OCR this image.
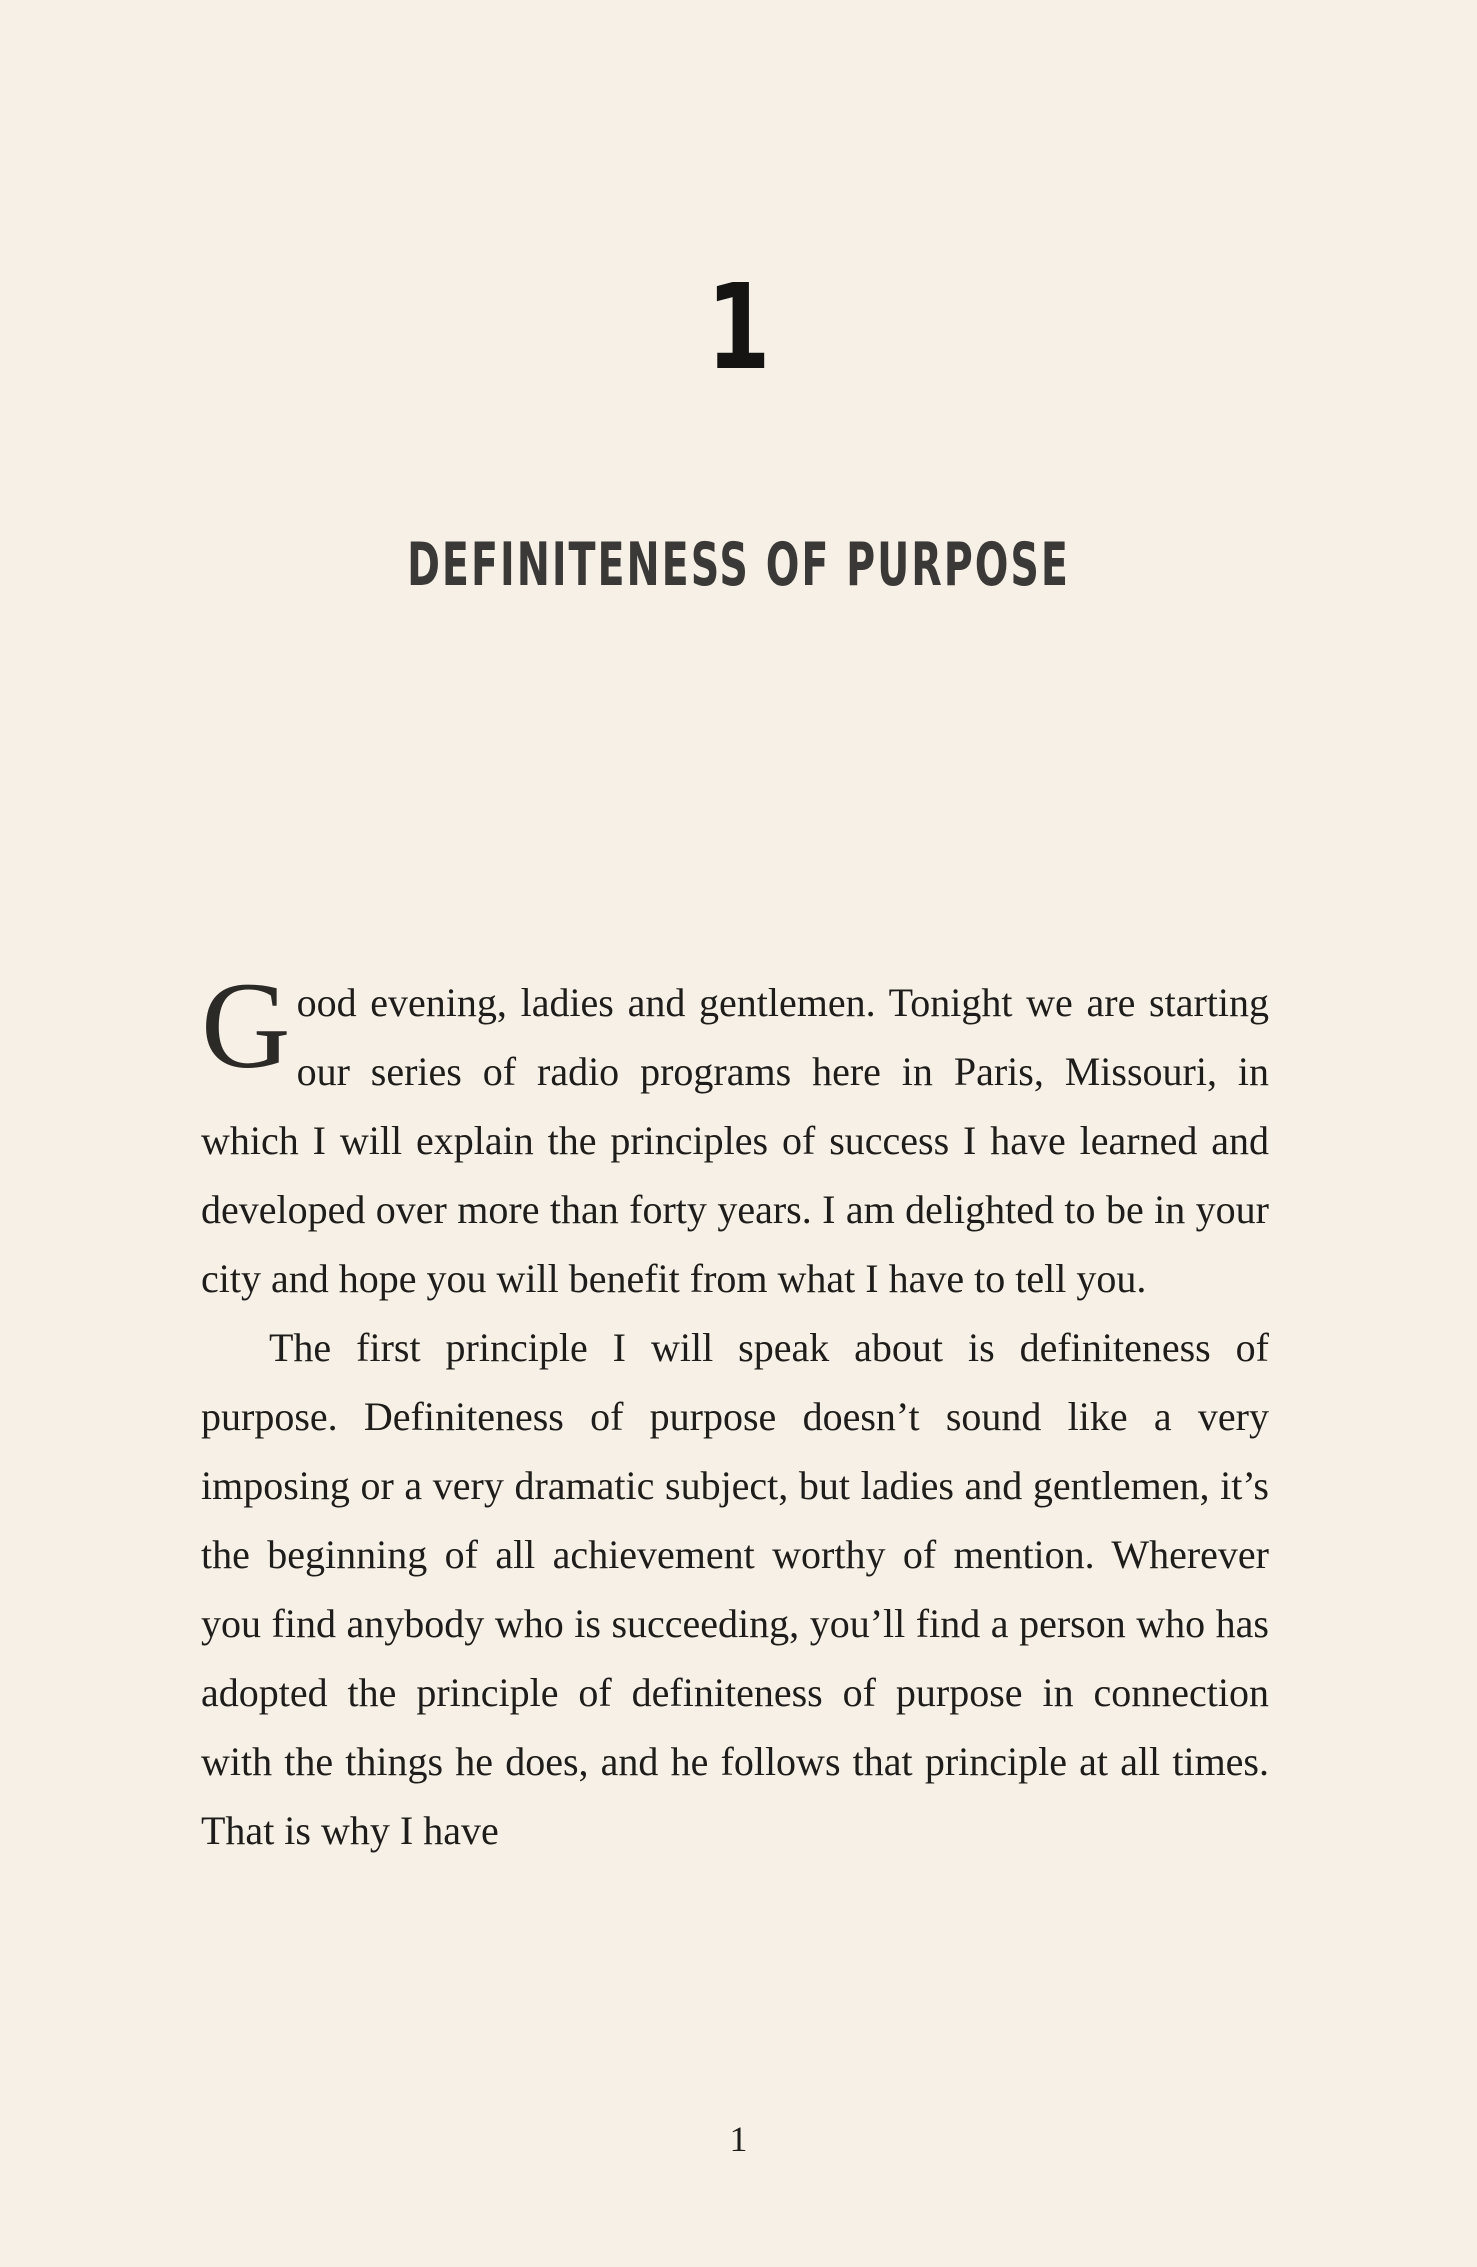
1
DEFINITENESS OF PURPOSE

Good evening, ladies and gentlemen. Tonight we are starting our series of radio programs here in Paris, Missouri, in which I will explain the principles of success I have learned and developed over more than forty years. I am delighted to be in your city and hope you will benefit from what I have to tell you.

The first principle I will speak about is definiteness of purpose. Definiteness of purpose doesn’t sound like a very imposing or a very dramatic subject, but ladies and gentlemen, it’s the beginning of all achievement worthy of mention. Wherever you find anybody who is succeeding, you’ll find a person who has adopted the principle of definiteness of purpose in connection with the things he does, and he follows that principle at all times. That is why I have

1
